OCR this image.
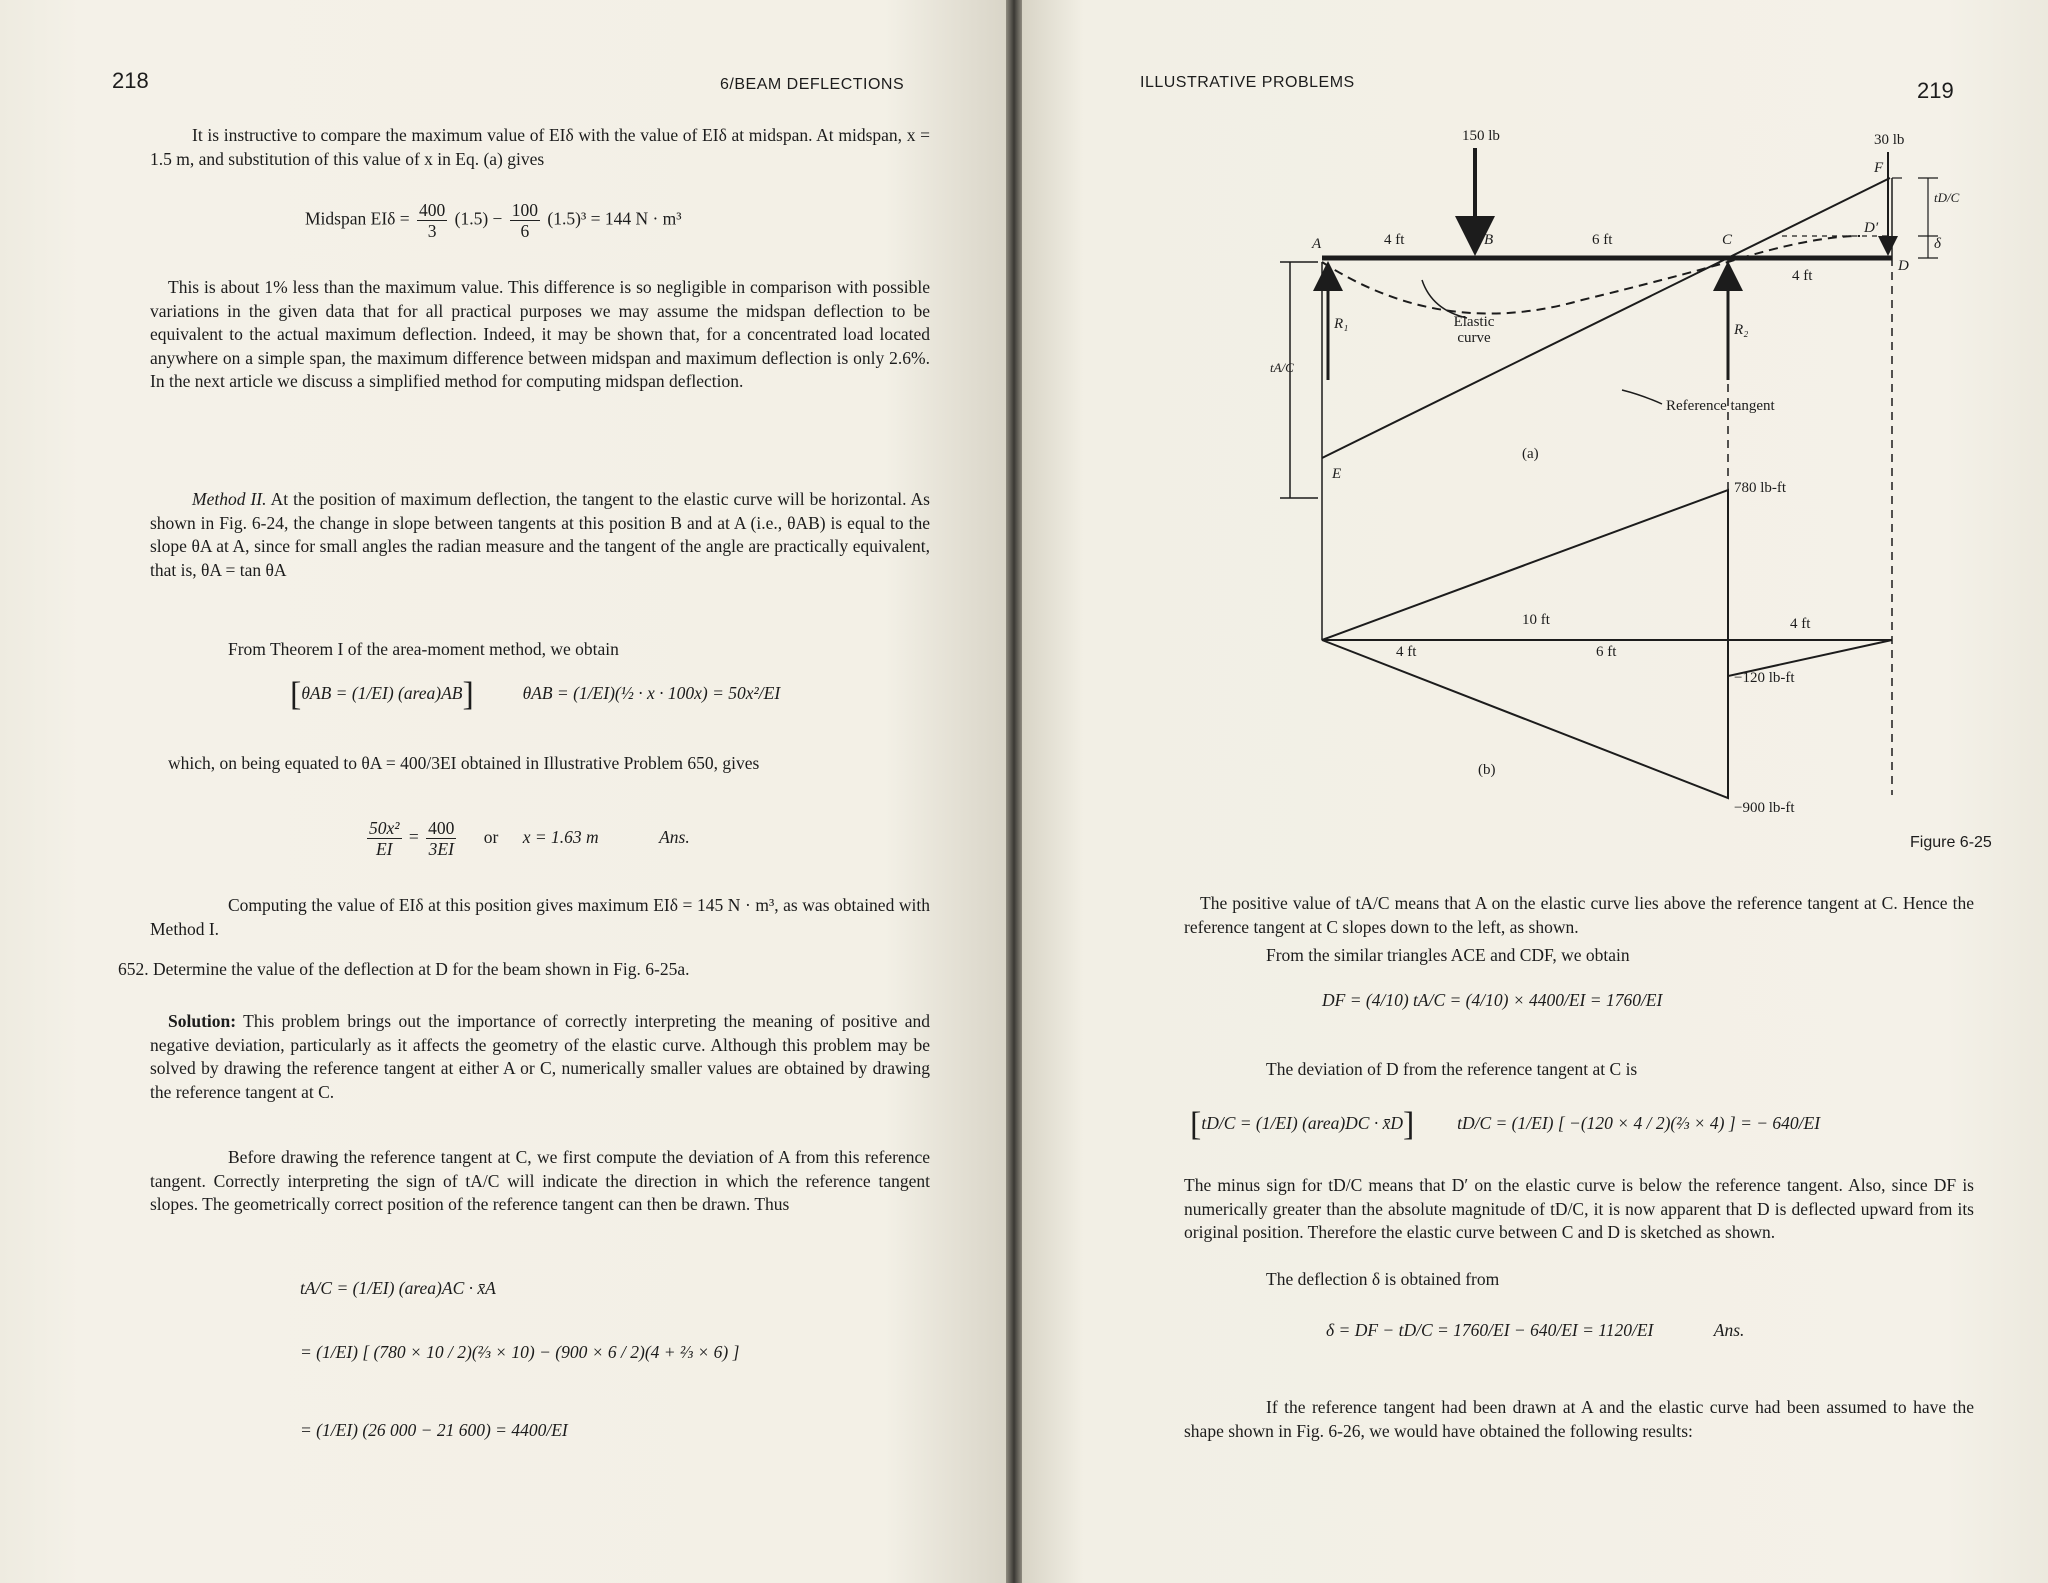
218	6/BEAM DEFLECTIONS
It is instructive to compare the maximum value of EIδ with the value of EIδ at midspan. At midspan, x = 1.5 m, and substitution of this value of x in Eq. (a) gives
Midspan $EI\delta = \frac{400}{3} (1.5) - \frac{100}{6} (1.5)^3 = 144$ N · m³
This is about 1% less than the maximum value. This difference is so negligible in comparison with possible variations in the given data that for all practical purposes we may assume the midspan deflection to be equivalent to the actual maximum deflection. Indeed, it may be shown that, for a concentrated load located anywhere on a simple span, the maximum difference between midspan and maximum deflection is only 2.6%. In the next article we discuss a simplified method for computing midspan deflection.
Method II. At the position of maximum deflection, the tangent to the elastic curve will be horizontal. As shown in Fig. 6-24, the change in slope between tangents at this position B and at A (i.e., θAB) is equal to the slope θA at A, since for small angles the radian measure and the tangent of the angle are practically equivalent, that is, θA = tan θA
From Theorem I of the area-moment method, we obtain
[θAB = (1/EI) (area)AB]	θAB = (1/EI)(½ · x · 100x) = 50x²/EI
which, on being equated to θA = 400/3EI obtained in Illustrative Problem 650, gives
$\frac{\text{50x²}}{EI} = \frac{400}{3EI}$ or x = 1.63 m	Ans.
Computing the value of EIδ at this position gives maximum EIδ = 145 N · m³, as was obtained with Method I.
652. Determine the value of the deflection at D for the beam shown in Fig. 6-25a.
Solution: This problem brings out the importance of correctly interpreting the meaning of positive and negative deviation, particularly as it affects the geometry of the elastic curve. Although this problem may be solved by drawing the reference tangent at either A or C, numerically smaller values are obtained by drawing the reference tangent at C.
Before drawing the reference tangent at C, we first compute the deviation of A from this reference tangent. Correctly interpreting the sign of tA/C will indicate the direction in which the reference tangent slopes. The geometrically correct position of the reference tangent can then be drawn. Thus
tA/C = (1/EI) (area)AC · x̄A
= (1/EI) [ (780 × 10 / 2)(⅔ × 10) − (900 × 6 / 2)(4 + ⅔ × 6) ]
= (1/EI) (26 000 − 21 600) = 4400/EI
ILLUSTRATIVE PROBLEMS	219
150 lb	30 lb
A	4 ft	B	6 ft	C
4 ft
F
D′
D
tD/C
δ
R₁	R₂
Elastic curve
Reference tangent
tA/C
(a)
E
780 lb-ft
10 ft	4 ft
4 ft	6 ft
−120 lb-ft
(b)
−900 lb-ft
Figure 6-25
The positive value of tA/C means that A on the elastic curve lies above the reference tangent at C. Hence the reference tangent at C slopes down to the left, as shown.
From the similar triangles ACE and CDF, we obtain
DF = (4/10) tA/C = (4/10) × 4400/EI = 1760/EI
The deviation of D from the reference tangent at C is
[tD/C = (1/EI) (area)DC · x̄D] tD/C = (1/EI) [ −(120 × 4 / 2)(⅔ × 4) ] = − 640/EI
The minus sign for tD/C means that D′ on the elastic curve is below the reference tangent. Also, since DF is numerically greater than the absolute magnitude of tD/C, it is now apparent that D is deflected upward from its original position. Therefore the elastic curve between C and D is sketched as shown.
The deflection δ is obtained from
δ = DF − tD/C = 1760/EI − 640/EI = 1120/EI	Ans.
If the reference tangent had been drawn at A and the elastic curve had been assumed to have the shape shown in Fig. 6-26, we would have obtained the following results:
